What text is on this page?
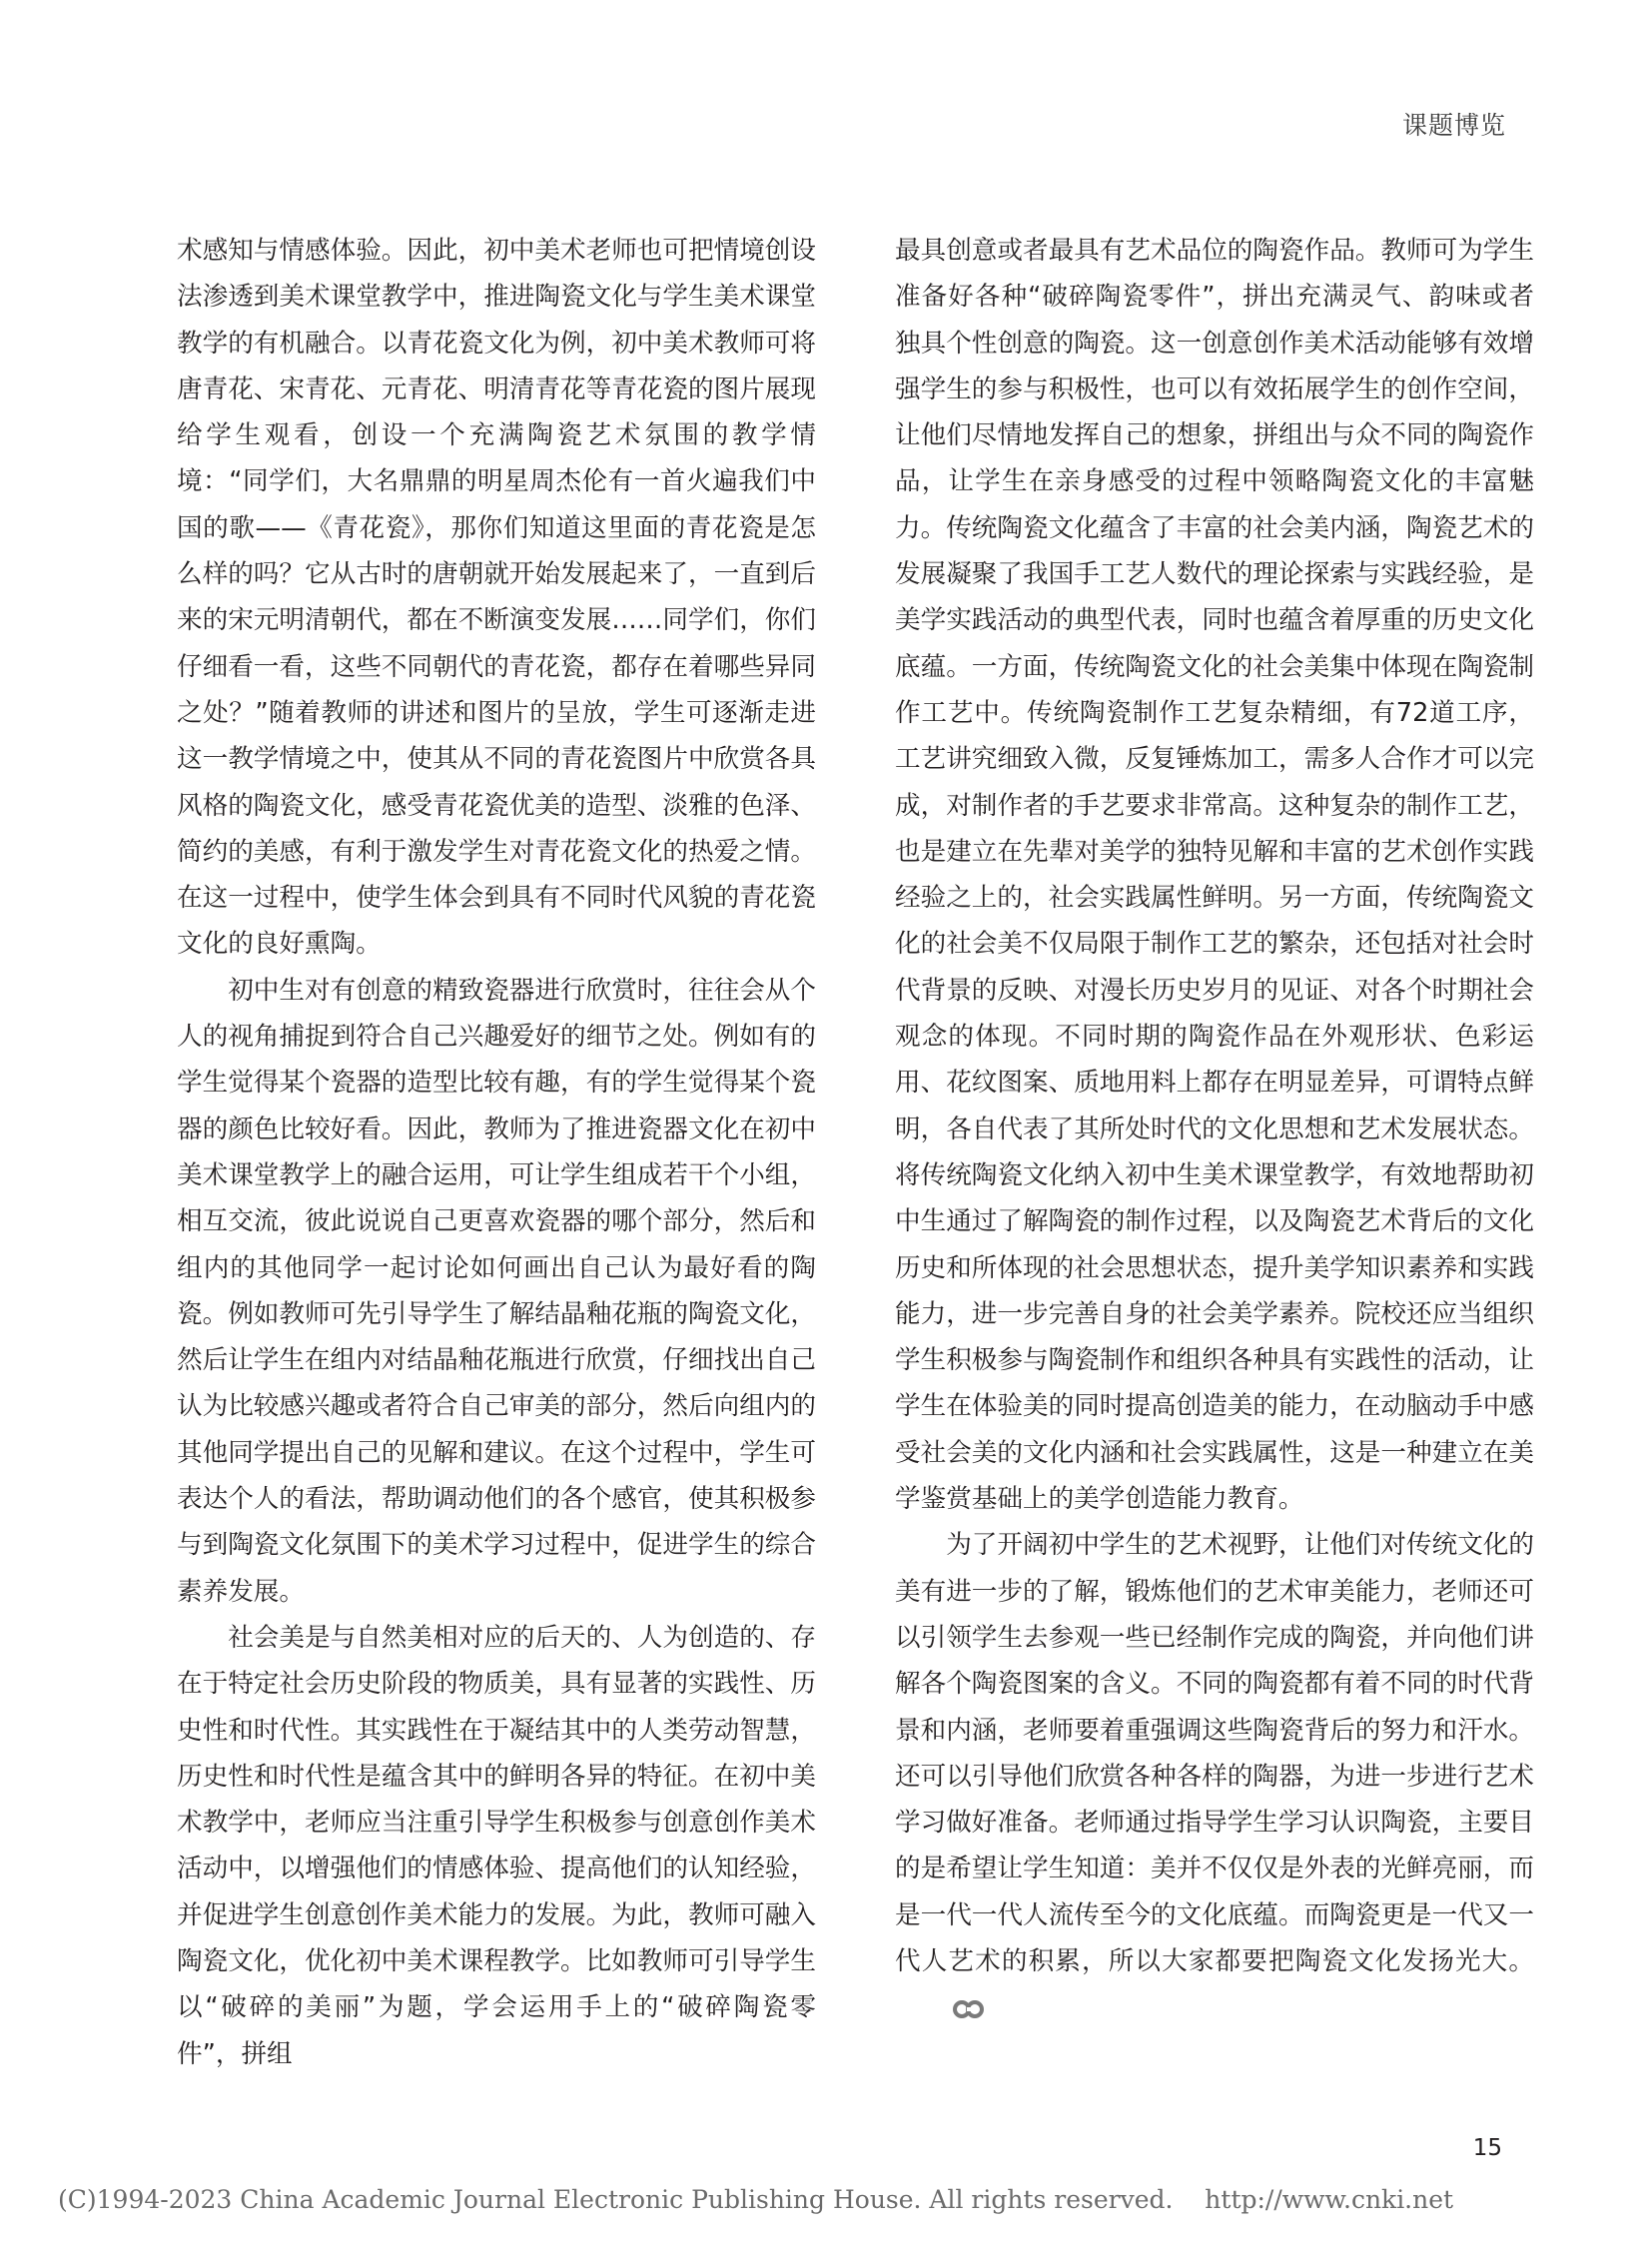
课题博览

术感知与情感体验。因此，初中美术老师也可把情境创设法渗透到美术课堂教学中，推进陶瓷文化与学生美术课堂教学的有机融合。以青花瓷文化为例，初中美术教师可将唐青花、宋青花、元青花、明清青花等青花瓷的图片展现给学生观看，创设一个充满陶瓷艺术氛围的教学情境：“同学们，大名鼎鼎的明星周杰伦有一首火遍我们中国的歌——《青花瓷》，那你们知道这里面的青花瓷是怎么样的吗？它从古时的唐朝就开始发展起来了，一直到后来的宋元明清朝代，都在不断演变发展……同学们，你们仔细看一看，这些不同朝代的青花瓷，都存在着哪些异同之处？”随着教师的讲述和图片的呈放，学生可逐渐走进这一教学情境之中，使其从不同的青花瓷图片中欣赏各具风格的陶瓷文化，感受青花瓷优美的造型、淡雅的色泽、简约的美感，有利于激发学生对青花瓷文化的热爱之情。在这一过程中，使学生体会到具有不同时代风貌的青花瓷文化的良好熏陶。

初中生对有创意的精致瓷器进行欣赏时，往往会从个人的视角捕捉到符合自己兴趣爱好的细节之处。例如有的学生觉得某个瓷器的造型比较有趣，有的学生觉得某个瓷器的颜色比较好看。因此，教师为了推进瓷器文化在初中美术课堂教学上的融合运用，可让学生组成若干个小组，相互交流，彼此说说自己更喜欢瓷器的哪个部分，然后和组内的其他同学一起讨论如何画出自己认为最好看的陶瓷。例如教师可先引导学生了解结晶釉花瓶的陶瓷文化，然后让学生在组内对结晶釉花瓶进行欣赏，仔细找出自己认为比较感兴趣或者符合自己审美的部分，然后向组内的其他同学提出自己的见解和建议。在这个过程中，学生可表达个人的看法，帮助调动他们的各个感官，使其积极参与到陶瓷文化氛围下的美术学习过程中，促进学生的综合素养发展。

社会美是与自然美相对应的后天的、人为创造的、存在于特定社会历史阶段的物质美，具有显著的实践性、历史性和时代性。其实践性在于凝结其中的人类劳动智慧，历史性和时代性是蕴含其中的鲜明各异的特征。在初中美术教学中，老师应当注重引导学生积极参与创意创作美术活动中，以增强他们的情感体验、提高他们的认知经验，并促进学生创意创作美术能力的发展。为此，教师可融入陶瓷文化，优化初中美术课程教学。比如教师可引导学生以“破碎的美丽”为题，学会运用手上的“破碎陶瓷零件”，拼组

最具创意或者最具有艺术品位的陶瓷作品。教师可为学生准备好各种“破碎陶瓷零件”，拼出充满灵气、韵味或者独具个性创意的陶瓷。这一创意创作美术活动能够有效增强学生的参与积极性，也可以有效拓展学生的创作空间，让他们尽情地发挥自己的想象，拼组出与众不同的陶瓷作品，让学生在亲身感受的过程中领略陶瓷文化的丰富魅力。传统陶瓷文化蕴含了丰富的社会美内涵，陶瓷艺术的发展凝聚了我国手工艺人数代的理论探索与实践经验，是美学实践活动的典型代表，同时也蕴含着厚重的历史文化底蕴。一方面，传统陶瓷文化的社会美集中体现在陶瓷制作工艺中。传统陶瓷制作工艺复杂精细，有72道工序，工艺讲究细致入微，反复锤炼加工，需多人合作才可以完成，对制作者的手艺要求非常高。这种复杂的制作工艺，也是建立在先辈对美学的独特见解和丰富的艺术创作实践经验之上的，社会实践属性鲜明。另一方面，传统陶瓷文化的社会美不仅局限于制作工艺的繁杂，还包括对社会时代背景的反映、对漫长历史岁月的见证、对各个时期社会观念的体现。不同时期的陶瓷作品在外观形状、色彩运用、花纹图案、质地用料上都存在明显差异，可谓特点鲜明，各自代表了其所处时代的文化思想和艺术发展状态。将传统陶瓷文化纳入初中生美术课堂教学，有效地帮助初中生通过了解陶瓷的制作过程，以及陶瓷艺术背后的文化历史和所体现的社会思想状态，提升美学知识素养和实践能力，进一步完善自身的社会美学素养。院校还应当组织学生积极参与陶瓷制作和组织各种具有实践性的活动，让学生在体验美的同时提高创造美的能力，在动脑动手中感受社会美的文化内涵和社会实践属性，这是一种建立在美学鉴赏基础上的美学创造能力教育。

为了开阔初中学生的艺术视野，让他们对传统文化的美有进一步的了解，锻炼他们的艺术审美能力，老师还可以引领学生去参观一些已经制作完成的陶瓷，并向他们讲解各个陶瓷图案的含义。不同的陶瓷都有着不同的时代背景和内涵，老师要着重强调这些陶瓷背后的努力和汗水。还可以引导他们欣赏各种各样的陶器，为进一步进行艺术学习做好准备。老师通过指导学生学习认识陶瓷，主要目的是希望让学生知道：美并不仅仅是外表的光鲜亮丽，而是一代一代人流传至今的文化底蕴。而陶瓷更是一代又一代人艺术的积累，所以大家都要把陶瓷文化发扬光大。

15
(C)1994-2023 China Academic Journal Electronic Publishing House. All rights reserved. http://www.cnki.net
